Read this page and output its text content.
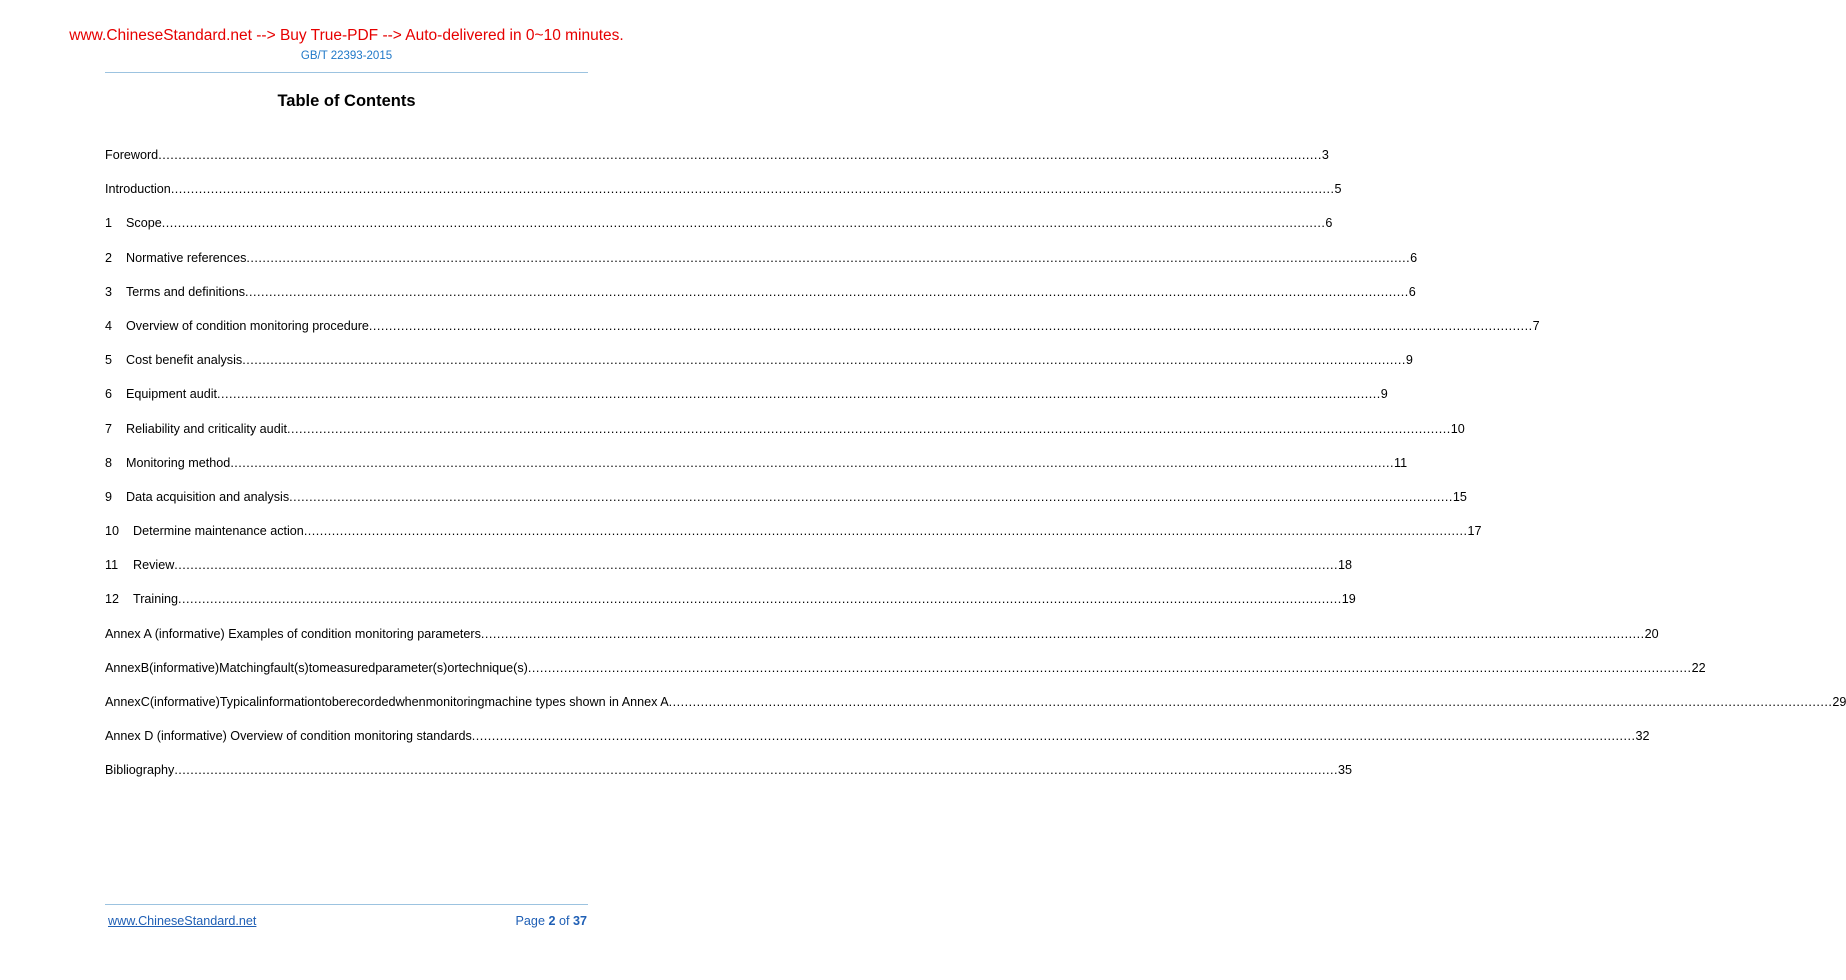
www.ChineseStandard.net --> Buy True-PDF --> Auto-delivered in 0~10 minutes.
GB/T 22393-2015
Table of Contents
Foreword .....	3
Introduction .....	5
1	Scope .....	6
2	Normative references .....	6
3	Terms and definitions .....	6
4	Overview of condition monitoring procedure .....	7
5	Cost benefit analysis .....	9
6	Equipment audit .....	9
7	Reliability and criticality audit .....	10
8	Monitoring method .....	11
9	Data acquisition and analysis .....	15
10	Determine maintenance action .....	17
11	Review .....	18
12	Training .....	19
Annex A (informative) Examples of condition monitoring parameters .....	20
Annex B (informative) Matching fault(s) to measured parameter(s) or technique(s) .....	22
Annex C (informative) Typical information to be recorded when monitoring machine types shown in Annex A .....	29
Annex D (informative) Overview of condition monitoring standards .....	32
Bibliography .....	35
www.ChineseStandard.net	Page 2 of 37
